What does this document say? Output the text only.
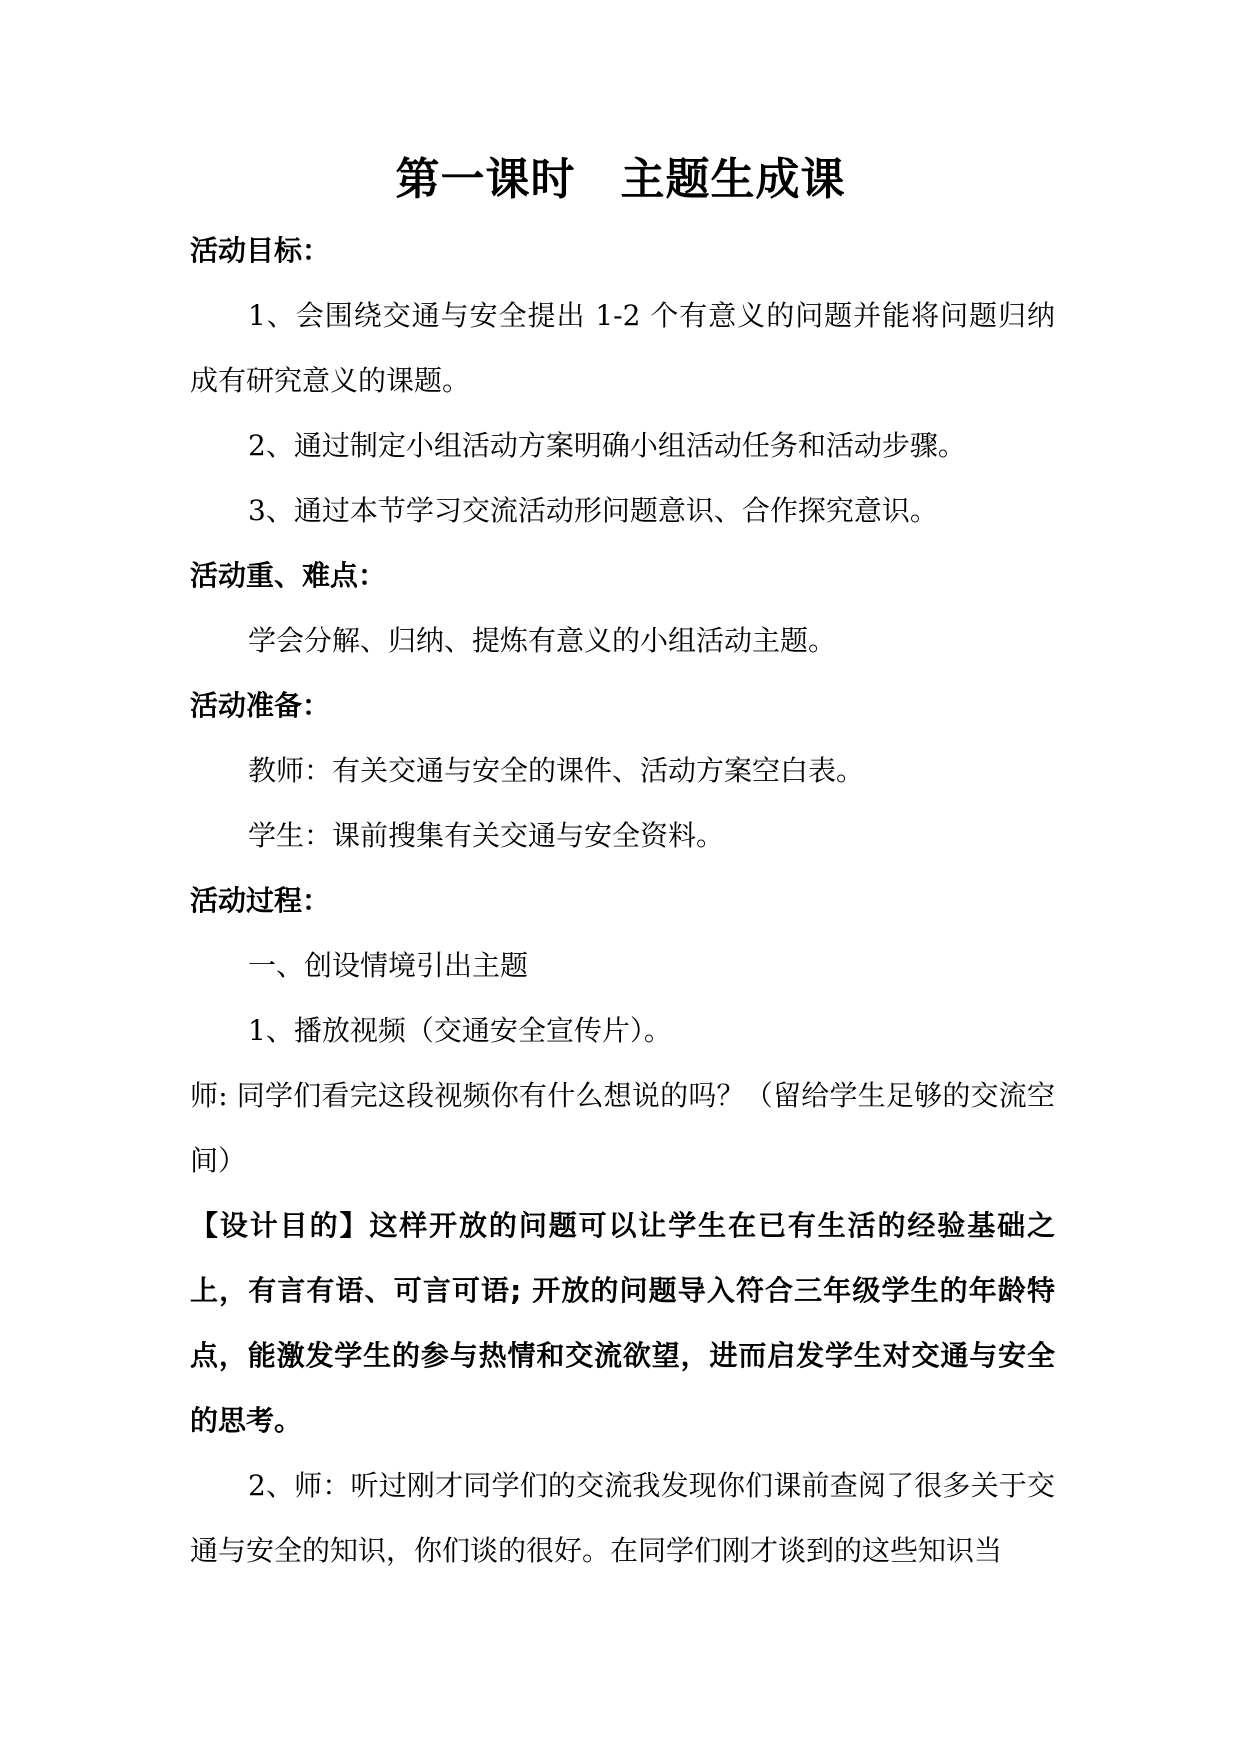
第一课时　主题生成课

活动目标：

1、会围绕交通与安全提出 1-2 个有意义的问题并能将问题归纳成有研究意义的课题。

2、通过制定小组活动方案明确小组活动任务和活动步骤。

3、通过本节学习交流活动形问题意识、合作探究意识。

活动重、难点：

学会分解、归纳、提炼有意义的小组活动主题。

活动准备：

教师：有关交通与安全的课件、活动方案空白表。

学生：课前搜集有关交通与安全资料。

活动过程：

一、创设情境引出主题

1、播放视频（交通安全宣传片）。

师: 同学们看完这段视频你有什么想说的吗？（留给学生足够的交流空间）

【设计目的】这样开放的问题可以让学生在已有生活的经验基础之上，有言有语、可言可语; 开放的问题导入符合三年级学生的年龄特点，能激发学生的参与热情和交流欲望，进而启发学生对交通与安全的思考。

2、师：听过刚才同学们的交流我发现你们课前查阅了很多关于交通与安全的知识，你们谈的很好。在同学们刚才谈到的这些知识当
